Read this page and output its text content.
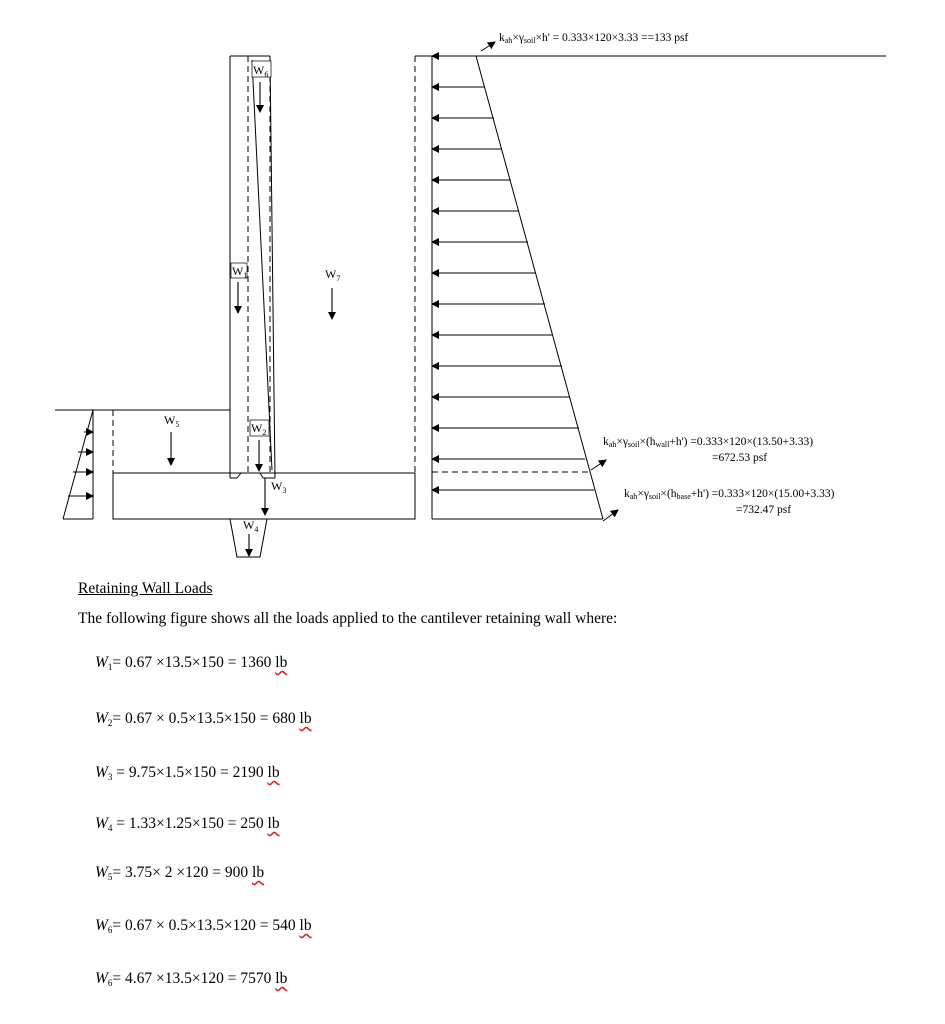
$W_6$
$W_1$	$W_7$
$W_5$	$W_2$
$W_3$
$W_4$
kah×γsoil×h' = 0.333×120×3.33 ==133 psf
kah×γsoil×(hwall+h') =0.333×120×(13.50+3.33)
=672.53 psf
kah×γsoil×(hbase+h') =0.333×120×(15.00+3.33)
=732.47 psf
Retaining Wall Loads
The following figure shows all the loads applied to the cantilever retaining wall where:
$W_1= 0.67 \times 13.5\times 150 = 1360$ lb
$W_2= 0.67 \times 0.5\times 13.5\times 150 = 680$ lb
$W_3 = 9.75\times 1.5\times 150 = 2190$ lb
$W_4 = 1.33\times 1.25\times 150 = 250$ lb
$W_5= 3.75\times 2 \times 120 = 900$ lb
$W_6= 0.67 \times 0.5\times 13.5\times 120 = 540$ lb
$W_6= 4.67 \times 13.5\times 120 = 7570$ lb
